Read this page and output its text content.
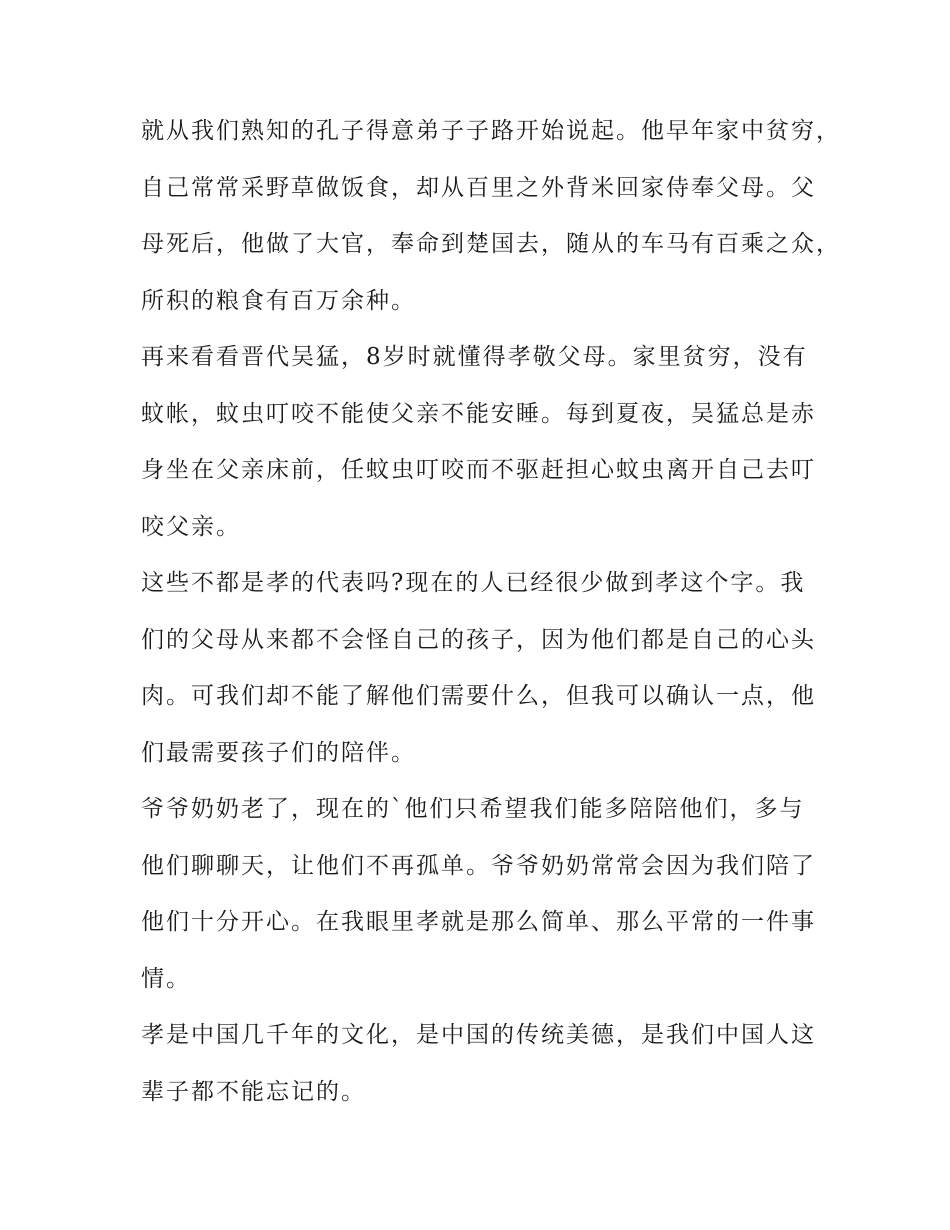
就从我们熟知的孔子得意弟子子路开始说起。他早年家中贫穷，
自己常常采野草做饭食，却从百里之外背米回家侍奉父母。父
母死后，他做了大官，奉命到楚国去，随从的车马有百乘之众，
所积的粮食有百万余种。
再来看看晋代吴猛，8岁时就懂得孝敬父母。家里贫穷，没有
蚊帐，蚊虫叮咬不能使父亲不能安睡。每到夏夜，吴猛总是赤
身坐在父亲床前，任蚊虫叮咬而不驱赶担心蚊虫离开自己去叮
咬父亲。
这些不都是孝的代表吗?现在的人已经很少做到孝这个字。我
们的父母从来都不会怪自己的孩子，因为他们都是自己的心头
肉。可我们却不能了解他们需要什么，但我可以确认一点，他
们最需要孩子们的陪伴。
爷爷奶奶老了，现在的`他们只希望我们能多陪陪他们，多与
他们聊聊天，让他们不再孤单。爷爷奶奶常常会因为我们陪了
他们十分开心。在我眼里孝就是那么简单、那么平常的一件事
情。
孝是中国几千年的文化，是中国的传统美德，是我们中国人这
辈子都不能忘记的。
